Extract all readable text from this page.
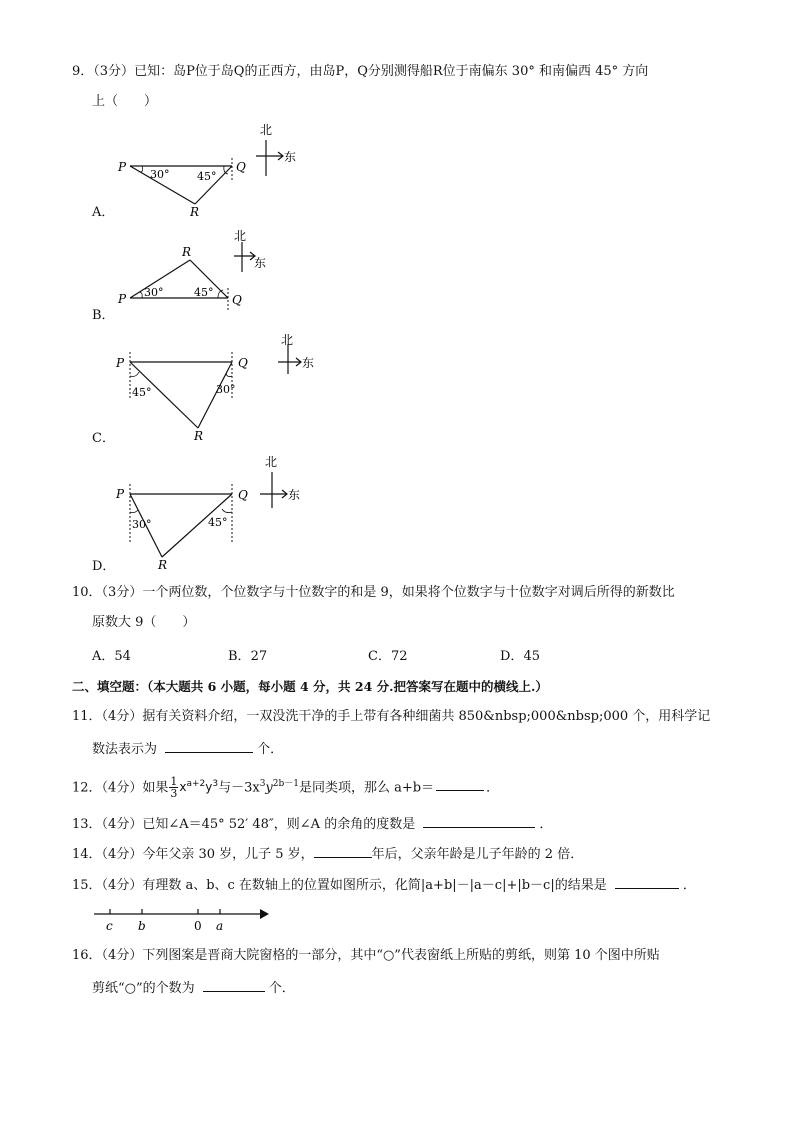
9．（3分）已知：岛P位于岛Q的正西方，由岛P，Q分别测得船R位于南偏东 30° 和南偏西 45° 方向
上（　　）
A．
P	Q
R
30°	45°
北
东
B．
P	Q
R
30°	45°
北
东
C．
P	Q
R
45°	30°
北
东
D．
P	Q
R
30°	45°
北
东
10．（3分）一个两位数，个位数字与十位数字的和是 9，如果将个位数字与十位数字对调后所得的新数比
原数大 9（　　）
A．54	B．27	C．72	D．45
二、填空题：（本大题共 6 小题，每小题 4 分，共 24 分.把答案写在题中的横线上.）
11．（4分）据有关资料介绍，一双没洗干净的手上带有各种细菌共 850&nbsp;000&nbsp;000 个，用科学记
数法表示为	个．
12．（4分）如果 $\frac{1}{3} x^{a+2}y^3$与$-3x^3y^{2b-1}$是同类项，那么 a+b＝	．
13．（4分）已知∠A＝45° 52′ 48″，则∠A 的余角的度数是	．
14．（4分）今年父亲 30 岁，儿子 5 岁，	年后，父亲年龄是儿子年龄的 2 倍．
15．（4分）有理数 a、b、c 在数轴上的位置如图所示，化简|a+b|－|a－c|+|b－c|的结果是	．
c b	0 a
16．（4分）下列图案是晋商大院窗格的一部分，其中“○”代表窗纸上所贴的剪纸，则第 10 个图中所贴
剪纸“○”的个数为	个．
